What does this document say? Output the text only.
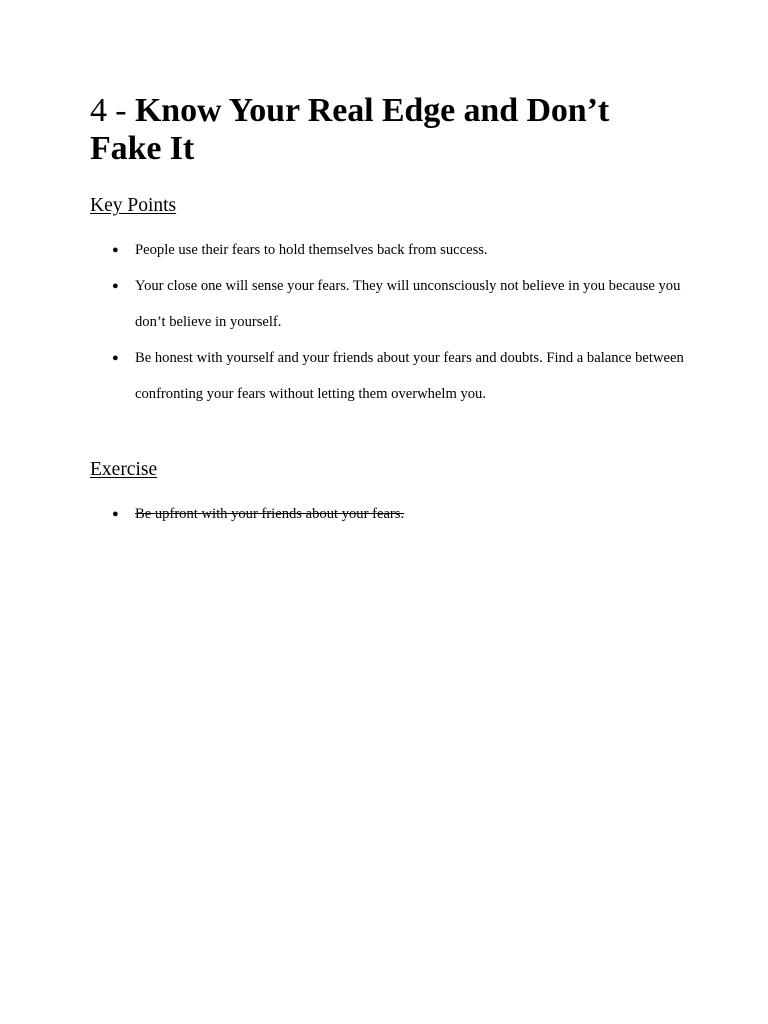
4 - Know Your Real Edge and Don’t Fake It
Key Points
● People use their fears to hold themselves back from success.
● Your close one will sense your fears. They will unconsciously not believe in you because you don’t believe in yourself.
● Be honest with yourself and your friends about your fears and doubts. Find a balance between confronting your fears without letting them overwhelm you.
Exercise
● Be upfront with your friends about your fears.
